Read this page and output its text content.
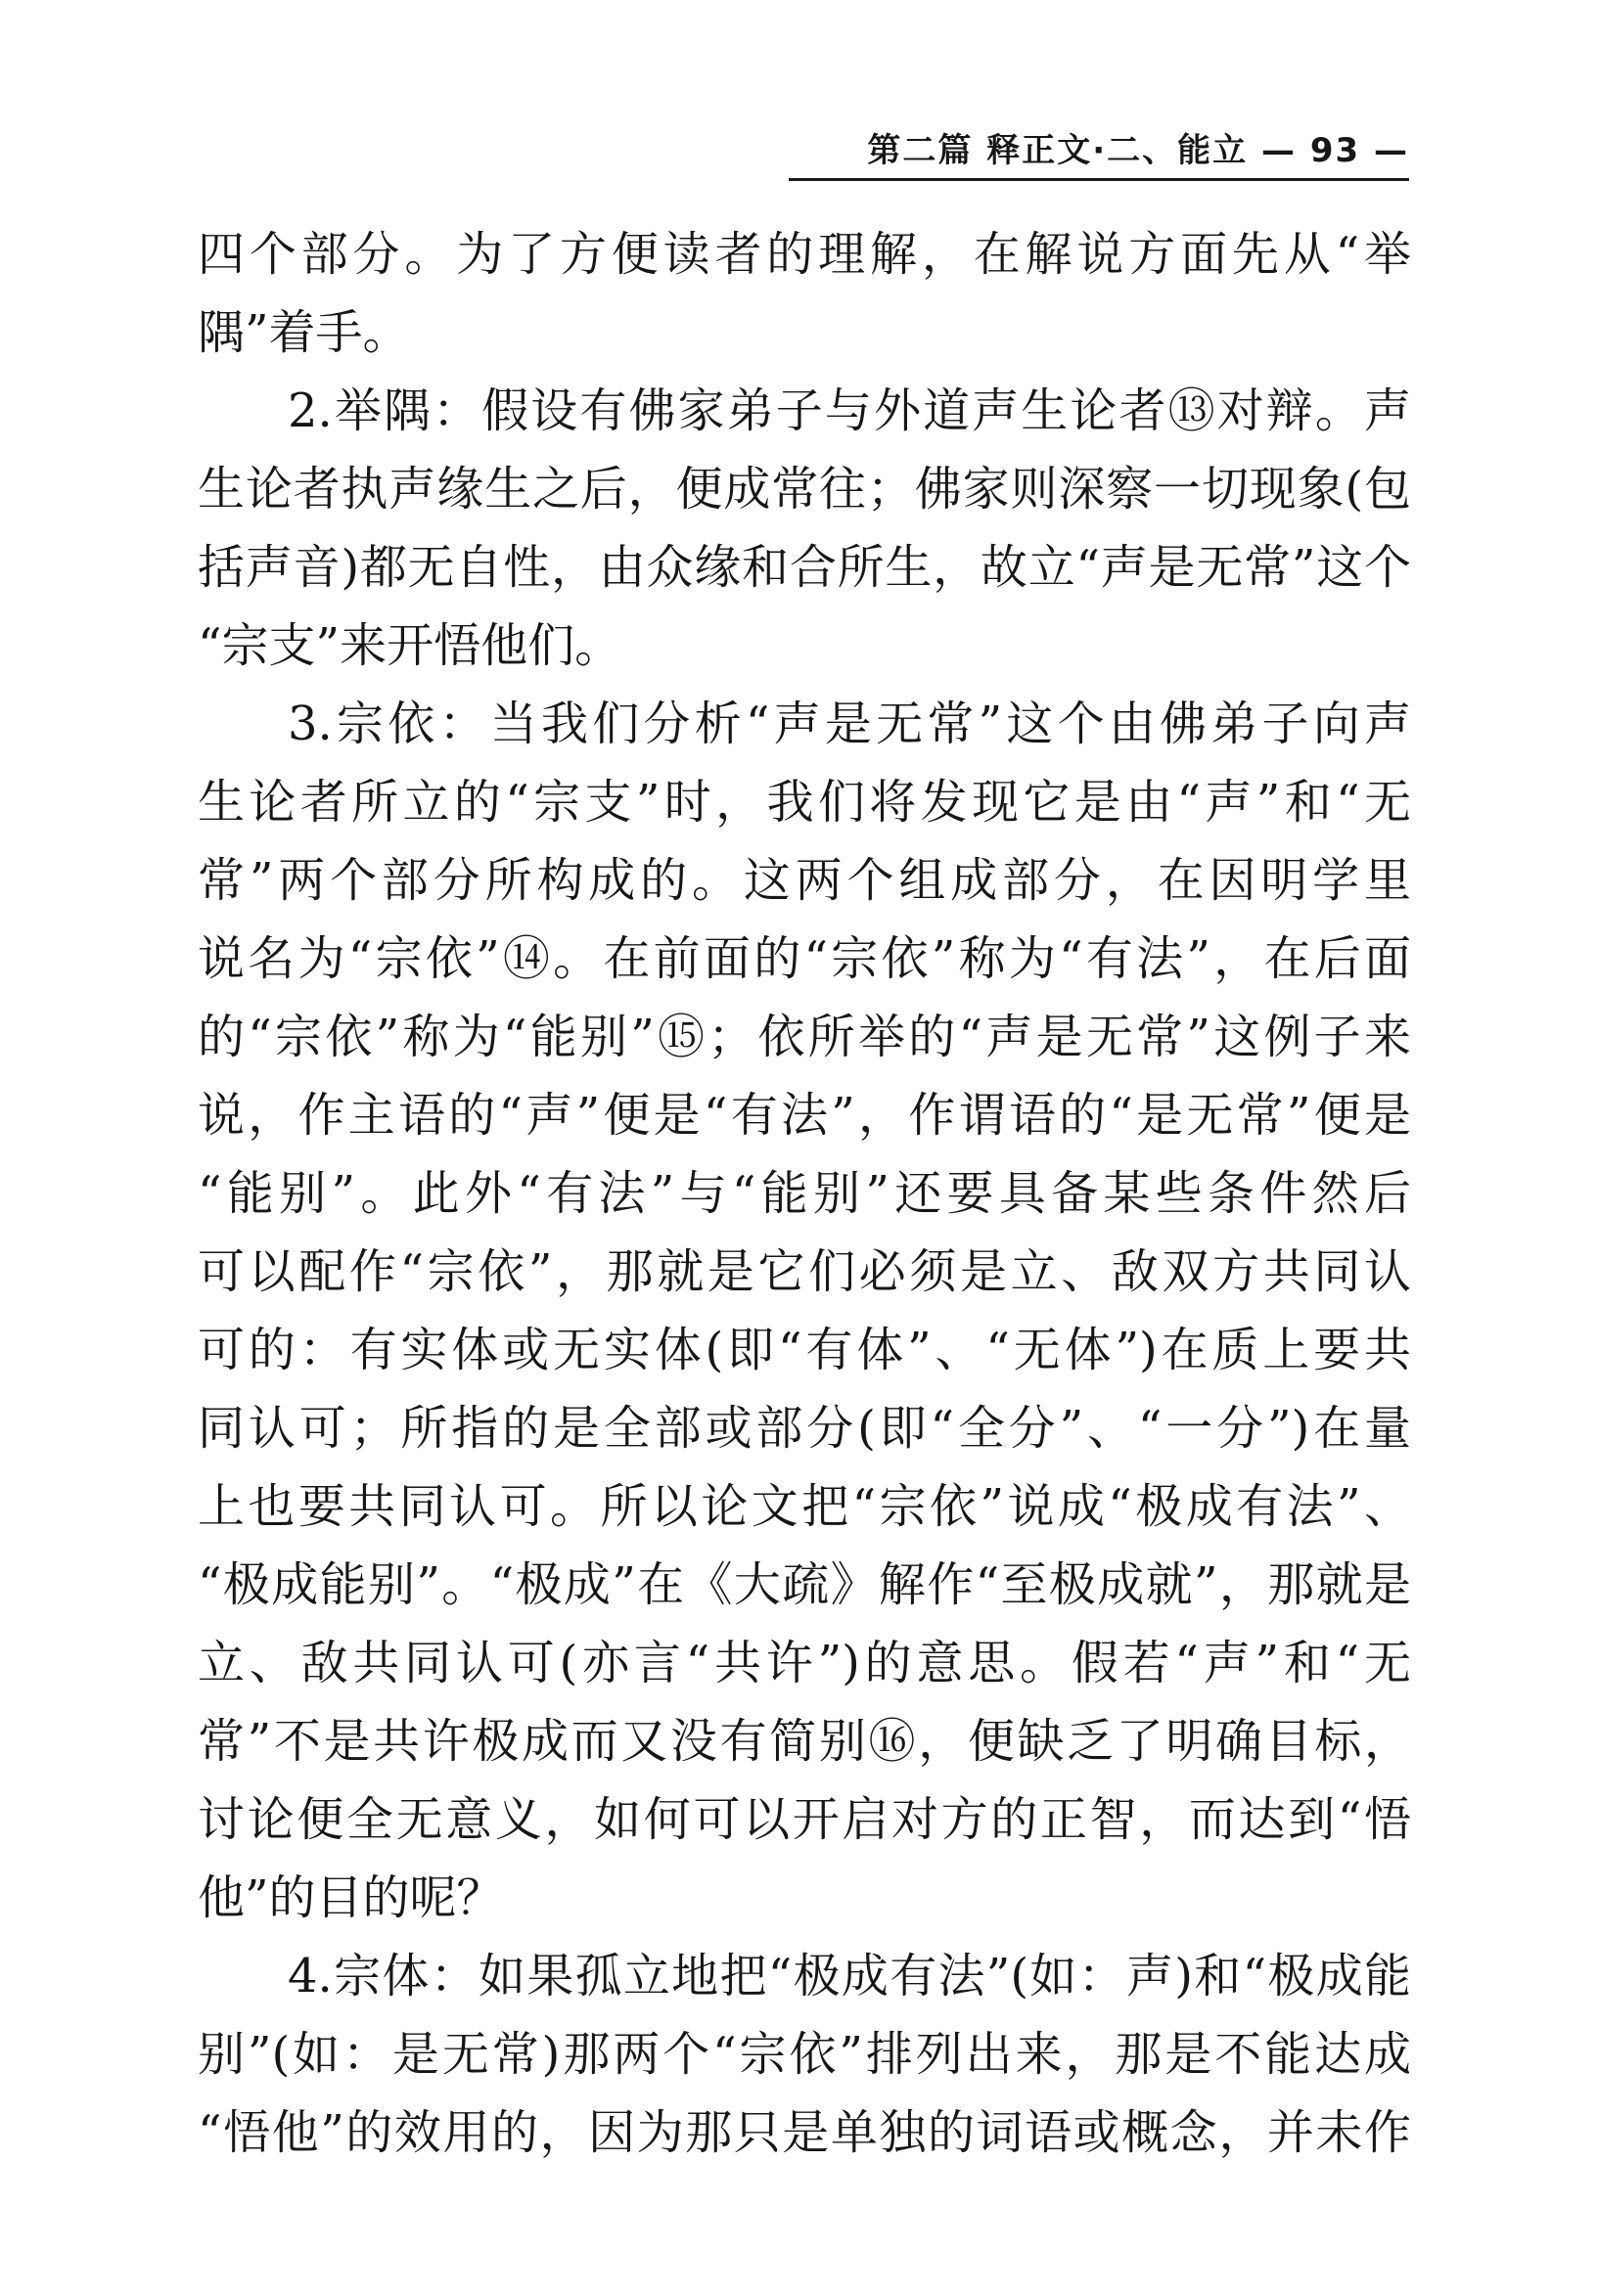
第二篇 释正文·二、能立 — 93 —
四个部分。为了方便读者的理解，在解说方面先从“举
隅”着手。
2.举隅：假设有佛家弟子与外道声生论者⑬对辩。声
生论者执声缘生之后，便成常往；佛家则深察一切现象(包
括声音)都无自性，由众缘和合所生，故立“声是无常”这个
“宗支”来开悟他们。
3.宗依：当我们分析“声是无常”这个由佛弟子向声
生论者所立的“宗支”时，我们将发现它是由“声”和“无
常”两个部分所构成的。这两个组成部分，在因明学里
说名为“宗依”⑭。在前面的“宗依”称为“有法”，在后面
的“宗依”称为“能别”⑮；依所举的“声是无常”这例子来
说，作主语的“声”便是“有法”，作谓语的“是无常”便是
“能别”。此外“有法”与“能别”还要具备某些条件然后
可以配作“宗依”，那就是它们必须是立、敌双方共同认
可的：有实体或无实体(即“有体”、“无体”)在质上要共
同认可；所指的是全部或部分(即“全分”、“一分”)在量
上也要共同认可。所以论文把“宗依”说成“极成有法”、
“极成能别”。“极成”在《大疏》解作“至极成就”，那就是
立、敌共同认可(亦言“共许”)的意思。假若“声”和“无
常”不是共许极成而又没有简别⑯，便缺乏了明确目标，
讨论便全无意义，如何可以开启对方的正智，而达到“悟
他”的目的呢？
4.宗体：如果孤立地把“极成有法”(如：声)和“极成能
别”(如：是无常)那两个“宗依”排列出来，那是不能达成
“悟他”的效用的，因为那只是单独的词语或概念，并未作
